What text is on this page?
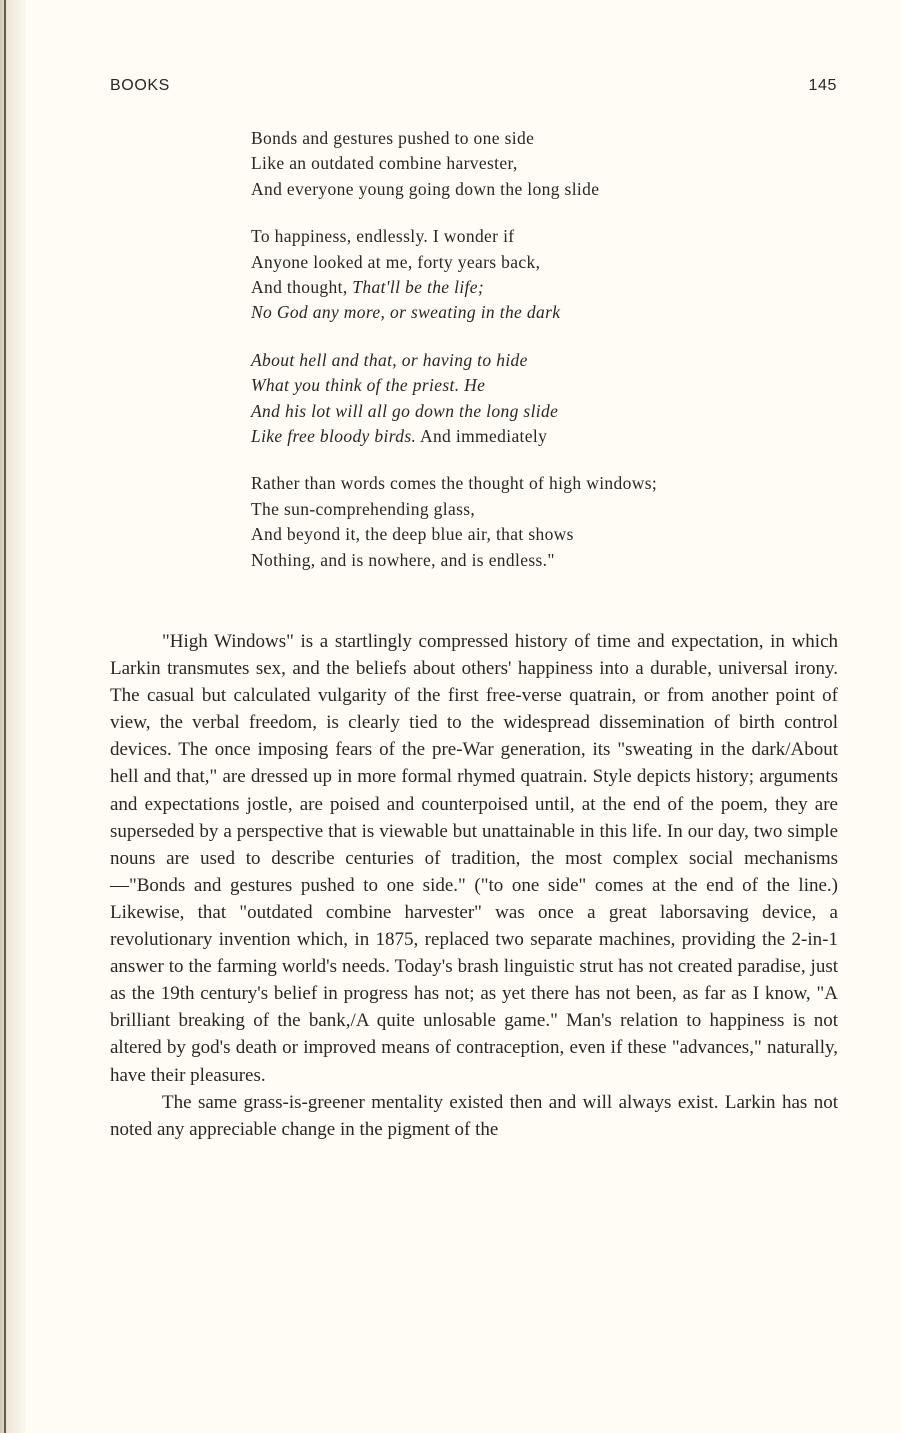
BOOKS	145
Bonds and gestures pushed to one side
Like an outdated combine harvester,
And everyone young going down the long slide
To happiness, endlessly. I wonder if
Anyone looked at me, forty years back,
And thought, That'll be the life;
No God any more, or sweating in the dark
About hell and that, or having to hide
What you think of the priest. He
And his lot will all go down the long slide
Like free bloody birds. And immediately
Rather than words comes the thought of high windows;
The sun-comprehending glass,
And beyond it, the deep blue air, that shows
Nothing, and is nowhere, and is endless."

"High Windows" is a startlingly compressed history of time and expectation, in which Larkin transmutes sex, and the beliefs about others' happiness into a durable, universal irony. The casual but calculated vulgarity of the first free-verse quatrain, or from another point of view, the verbal freedom, is clearly tied to the widespread dissemination of birth control devices. The once imposing fears of the pre-War generation, its "sweating in the dark/About hell and that," are dressed up in more formal rhymed quatrain. Style depicts history; arguments and expectations jostle, are poised and counterpoised until, at the end of the poem, they are superseded by a perspective that is viewable but unattainable in this life. In our day, two simple nouns are used to describe centuries of tradition, the most complex social mechanisms—"Bonds and gestures pushed to one side." ("to one side" comes at the end of the line.) Likewise, that "outdated combine harvester" was once a great laborsaving device, a revolutionary invention which, in 1875, replaced two separate machines, providing the 2-in-1 answer to the farming world's needs. Today's brash linguistic strut has not created paradise, just as the 19th century's belief in progress has not; as yet there has not been, as far as I know, "A brilliant breaking of the bank,/A quite unlosable game." Man's relation to happiness is not altered by god's death or improved means of contraception, even if these "advances," naturally, have their pleasures.

The same grass-is-greener mentality existed then and will always exist. Larkin has not noted any appreciable change in the pigment of the
